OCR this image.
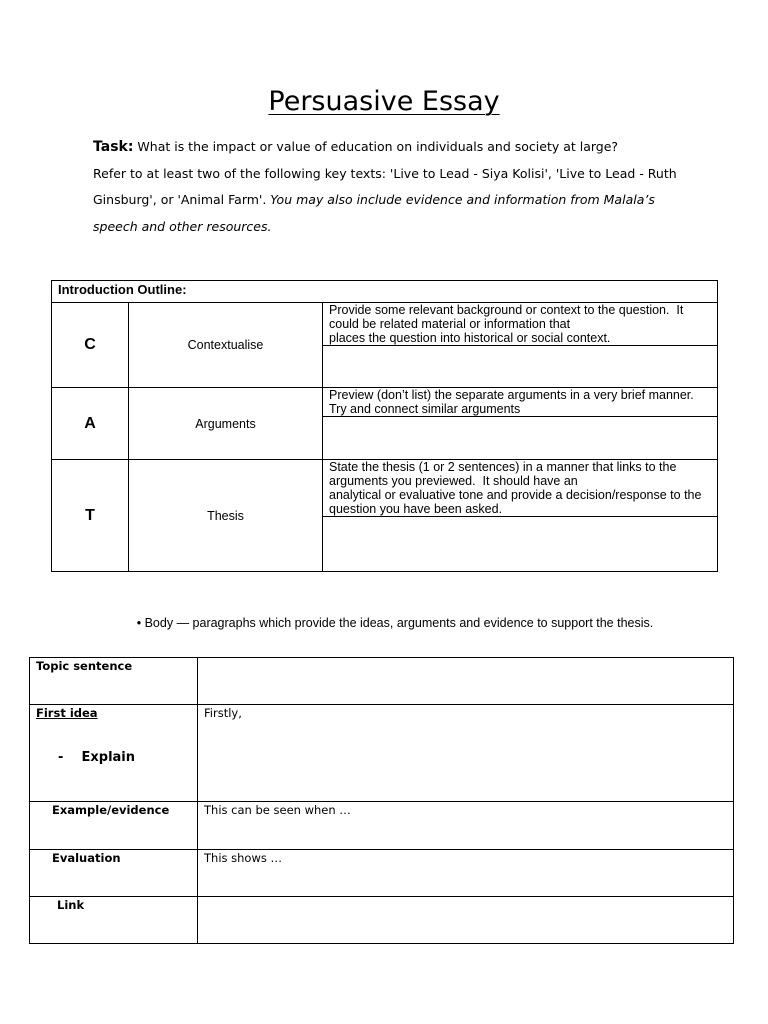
Persuasive Essay
Task: What is the impact or value of education on individuals and society at large?
Refer to at least two of the following key texts: 'Live to Lead - Siya Kolisi', 'Live to Lead - Ruth
Ginsburg', or 'Animal Farm'. You may also include evidence and information from Malala’s
speech and other resources.
Introduction Outline:		
C	Contextualise	Provide some relevant background or context to the question.  It could be related material or information that
places the question into historical or social context.

A	Arguments	Preview (don’t list) the separate arguments in a very brief manner. Try and connect similar arguments

T	Thesis	State the thesis (1 or 2 sentences) in a manner that links to the arguments you previewed.  It should have an
analytical or evaluative tone and provide a decision/response to the question you have been asked.

• Body — paragraphs which provide the ideas, arguments and evidence to support the thesis.
Topic sentence	
First idea
-    Explain	Firstly,
Example/evidence	This can be seen when …
Evaluation	This shows …
Link	
